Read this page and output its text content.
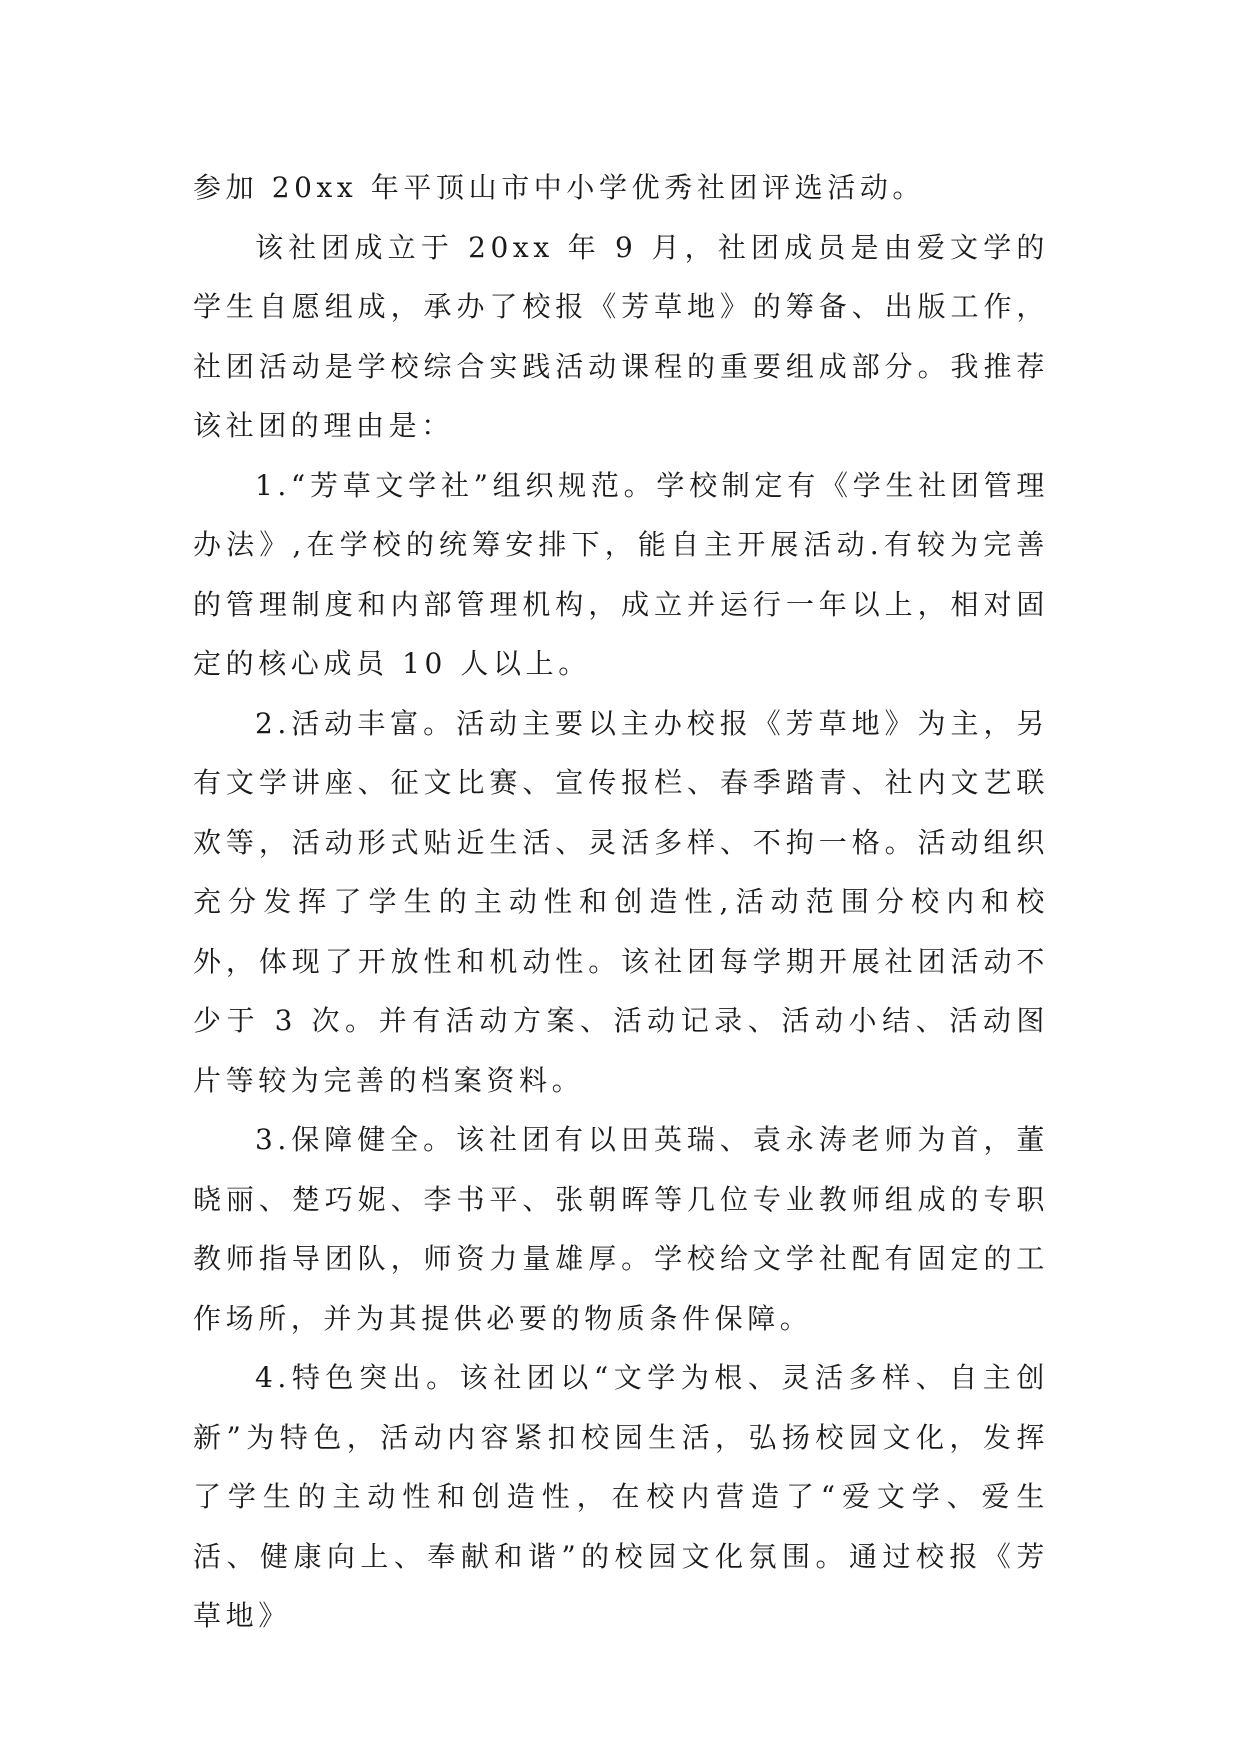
参加 20xx 年平顶山市中小学优秀社团评选活动。

该社团成立于 20xx 年 9 月，社团成员是由爱文学的学生自愿组成，承办了校报《芳草地》的筹备、出版工作，社团活动是学校综合实践活动课程的重要组成部分。我推荐该社团的理由是：

1.“芳草文学社”组织规范。学校制定有《学生社团管理办法》,在学校的统筹安排下，能自主开展活动.有较为完善的管理制度和内部管理机构，成立并运行一年以上，相对固定的核心成员 10 人以上。

2.活动丰富。活动主要以主办校报《芳草地》为主，另有文学讲座、征文比赛、宣传报栏、春季踏青、社内文艺联欢等，活动形式贴近生活、灵活多样、不拘一格。活动组织充分发挥了学生的主动性和创造性,活动范围分校内和校外，体现了开放性和机动性。该社团每学期开展社团活动不少于 3 次。并有活动方案、活动记录、活动小结、活动图片等较为完善的档案资料。

3.保障健全。该社团有以田英瑞、袁永涛老师为首，董晓丽、楚巧妮、李书平、张朝晖等几位专业教师组成的专职教师指导团队，师资力量雄厚。学校给文学社配有固定的工作场所，并为其提供必要的物质条件保障。

4.特色突出。该社团以“文学为根、灵活多样、自主创新”为特色，活动内容紧扣校园生活，弘扬校园文化，发挥了学生的主动性和创造性，在校内营造了“爱文学、爱生活、健康向上、奉献和谐”的校园文化氛围。通过校报《芳草地》
